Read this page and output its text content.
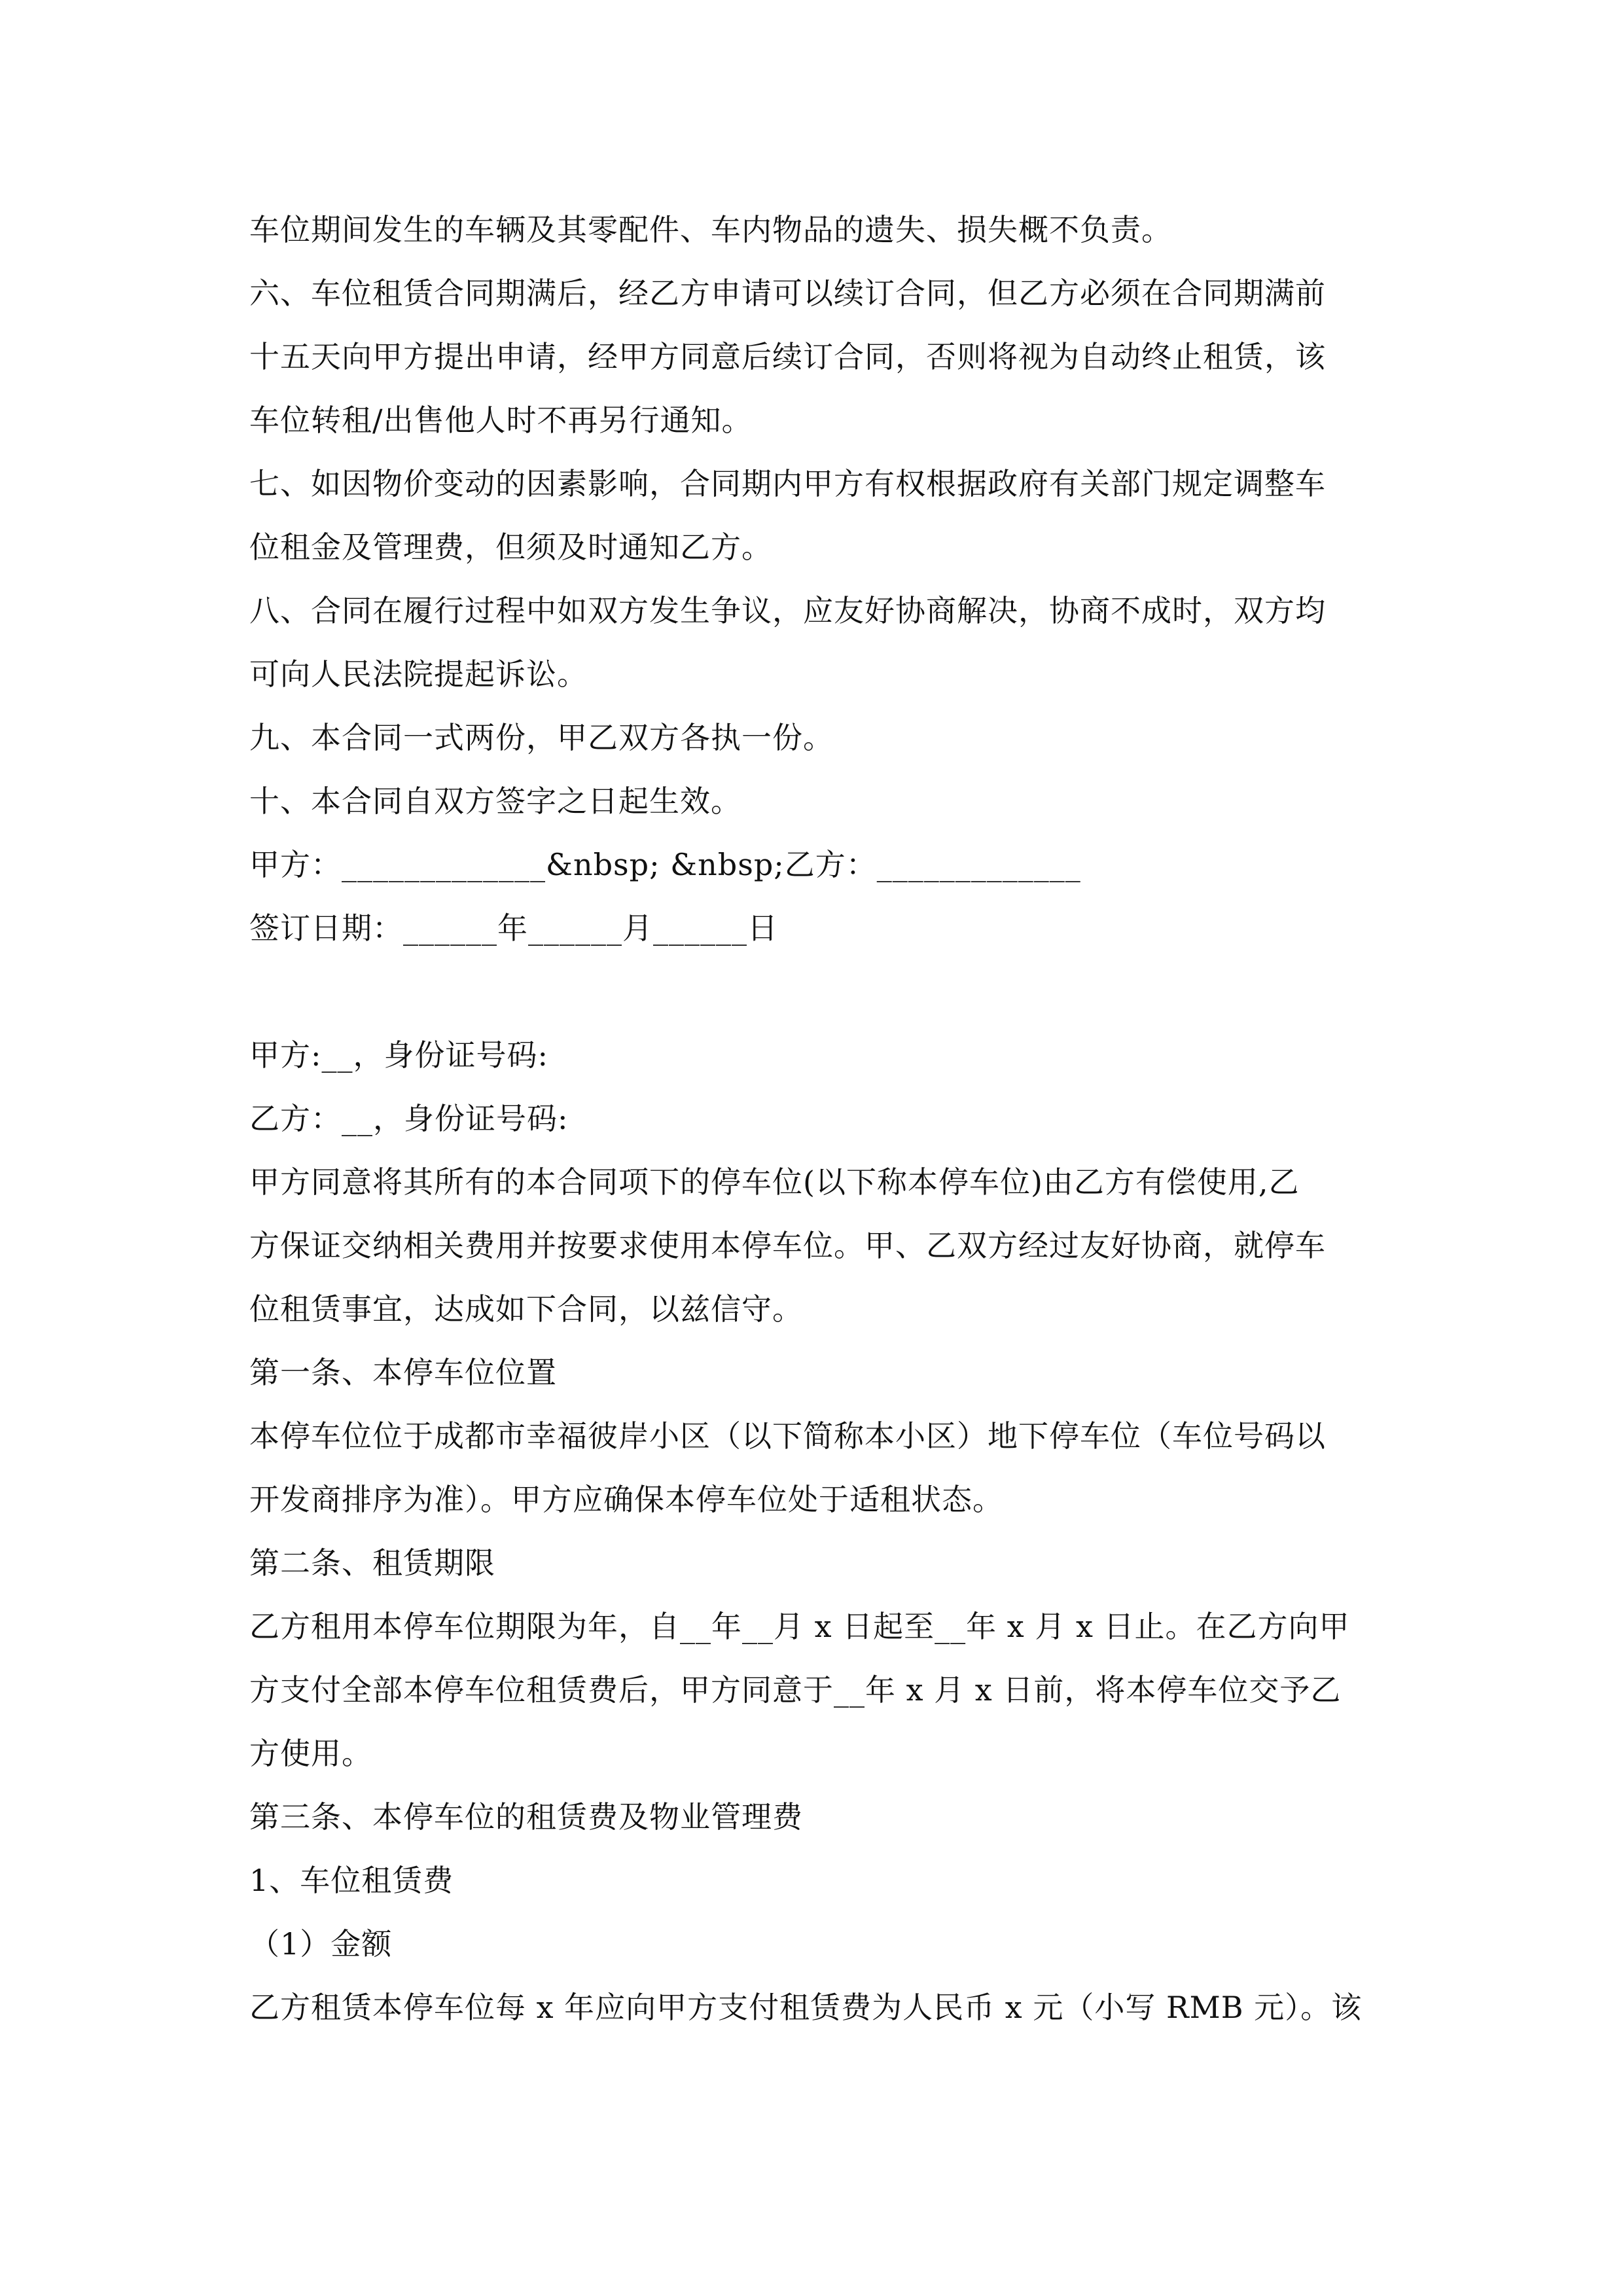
车位期间发生的车辆及其零配件、车内物品的遗失、损失概不负责。
六、车位租赁合同期满后，经乙方申请可以续订合同，但乙方必须在合同期满前
十五天向甲方提出申请，经甲方同意后续订合同，否则将视为自动终止租赁，该
车位转租/出售他人时不再另行通知。
七、如因物价变动的因素影响，合同期内甲方有权根据政府有关部门规定调整车
位租金及管理费，但须及时通知乙方。
八、合同在履行过程中如双方发生争议，应友好协商解决，协商不成时，双方均
可向人民法院提起诉讼。
九、本合同一式两份，甲乙双方各执一份。
十、本合同自双方签字之日起生效。
甲方：_____________&nbsp; &nbsp;乙方：_____________
签订日期：______年______月______日
甲方:__，身份证号码:
乙方：__，身份证号码:
甲方同意将其所有的本合同项下的停车位(以下称本停车位)由乙方有偿使用,乙
方保证交纳相关费用并按要求使用本停车位。甲、乙双方经过友好协商，就停车
位租赁事宜，达成如下合同，以兹信守。
第一条、本停车位位置
本停车位位于成都市幸福彼岸小区（以下简称本小区）地下停车位（车位号码以
开发商排序为准）。甲方应确保本停车位处于适租状态。
第二条、租赁期限
乙方租用本停车位期限为年，自__年__月 x 日起至__年 x 月 x 日止。在乙方向甲
方支付全部本停车位租赁费后，甲方同意于__年 x 月 x 日前，将本停车位交予乙
方使用。
第三条、本停车位的租赁费及物业管理费
1、车位租赁费
（1）金额
乙方租赁本停车位每 x 年应向甲方支付租赁费为人民币 x 元（小写 RMB 元）。该
